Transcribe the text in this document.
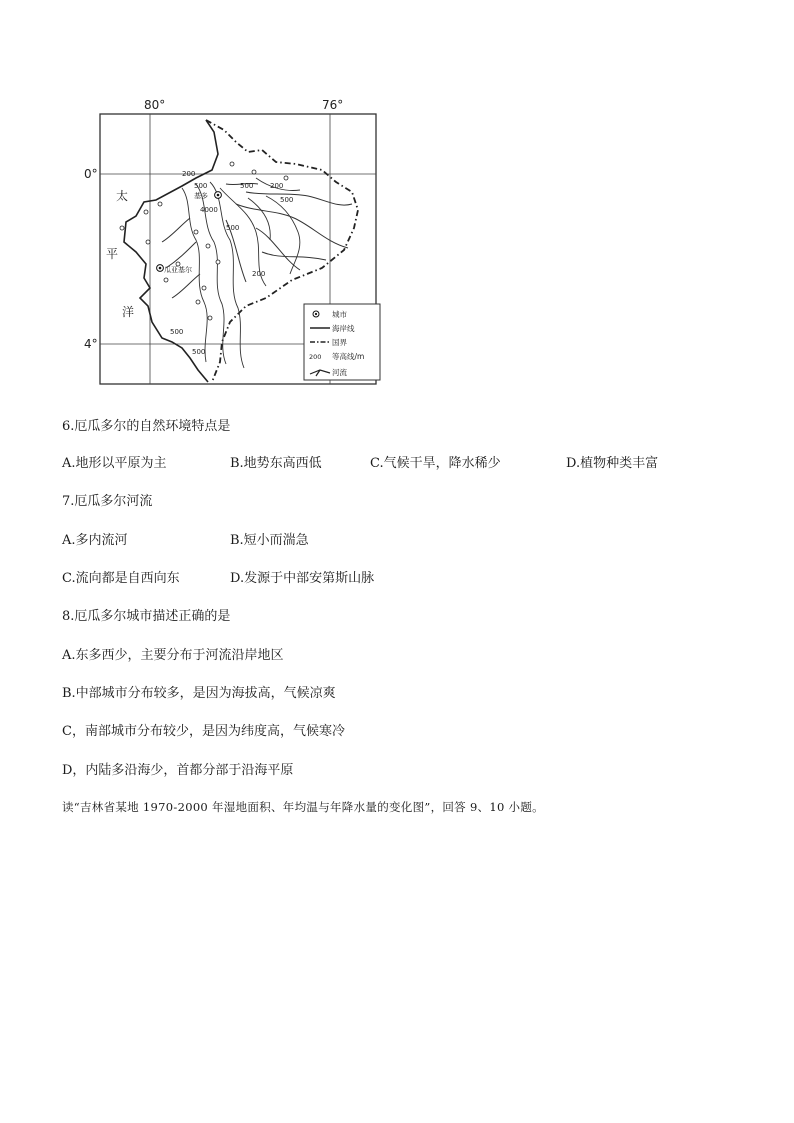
80°	76°
0°
4°
太
平
洋
200
500	500 200
500
4000
500
200
500
500
基多
瓜亚基尔
城市
海岸线
国界
200 等高线/m
河流
6.厄瓜多尔的自然环境特点是
A.地形以平原为主	B.地势东高西低	C.气候干旱，降水稀少	D.植物种类丰富
7.厄瓜多尔河流
A.多内流河	B.短小而湍急
C.流向都是自西向东	D.发源于中部安第斯山脉
8.厄瓜多尔城市描述正确的是
A.东多西少，主要分布于河流沿岸地区
B.中部城市分布较多，是因为海拔高，气候凉爽
C，南部城市分布较少，是因为纬度高，气候寒冷
D，内陆多沿海少，首都分部于沿海平原
读“吉林省某地 1970-2000 年湿地面积、年均温与年降水量的变化图”，回答 9、10 小题。
